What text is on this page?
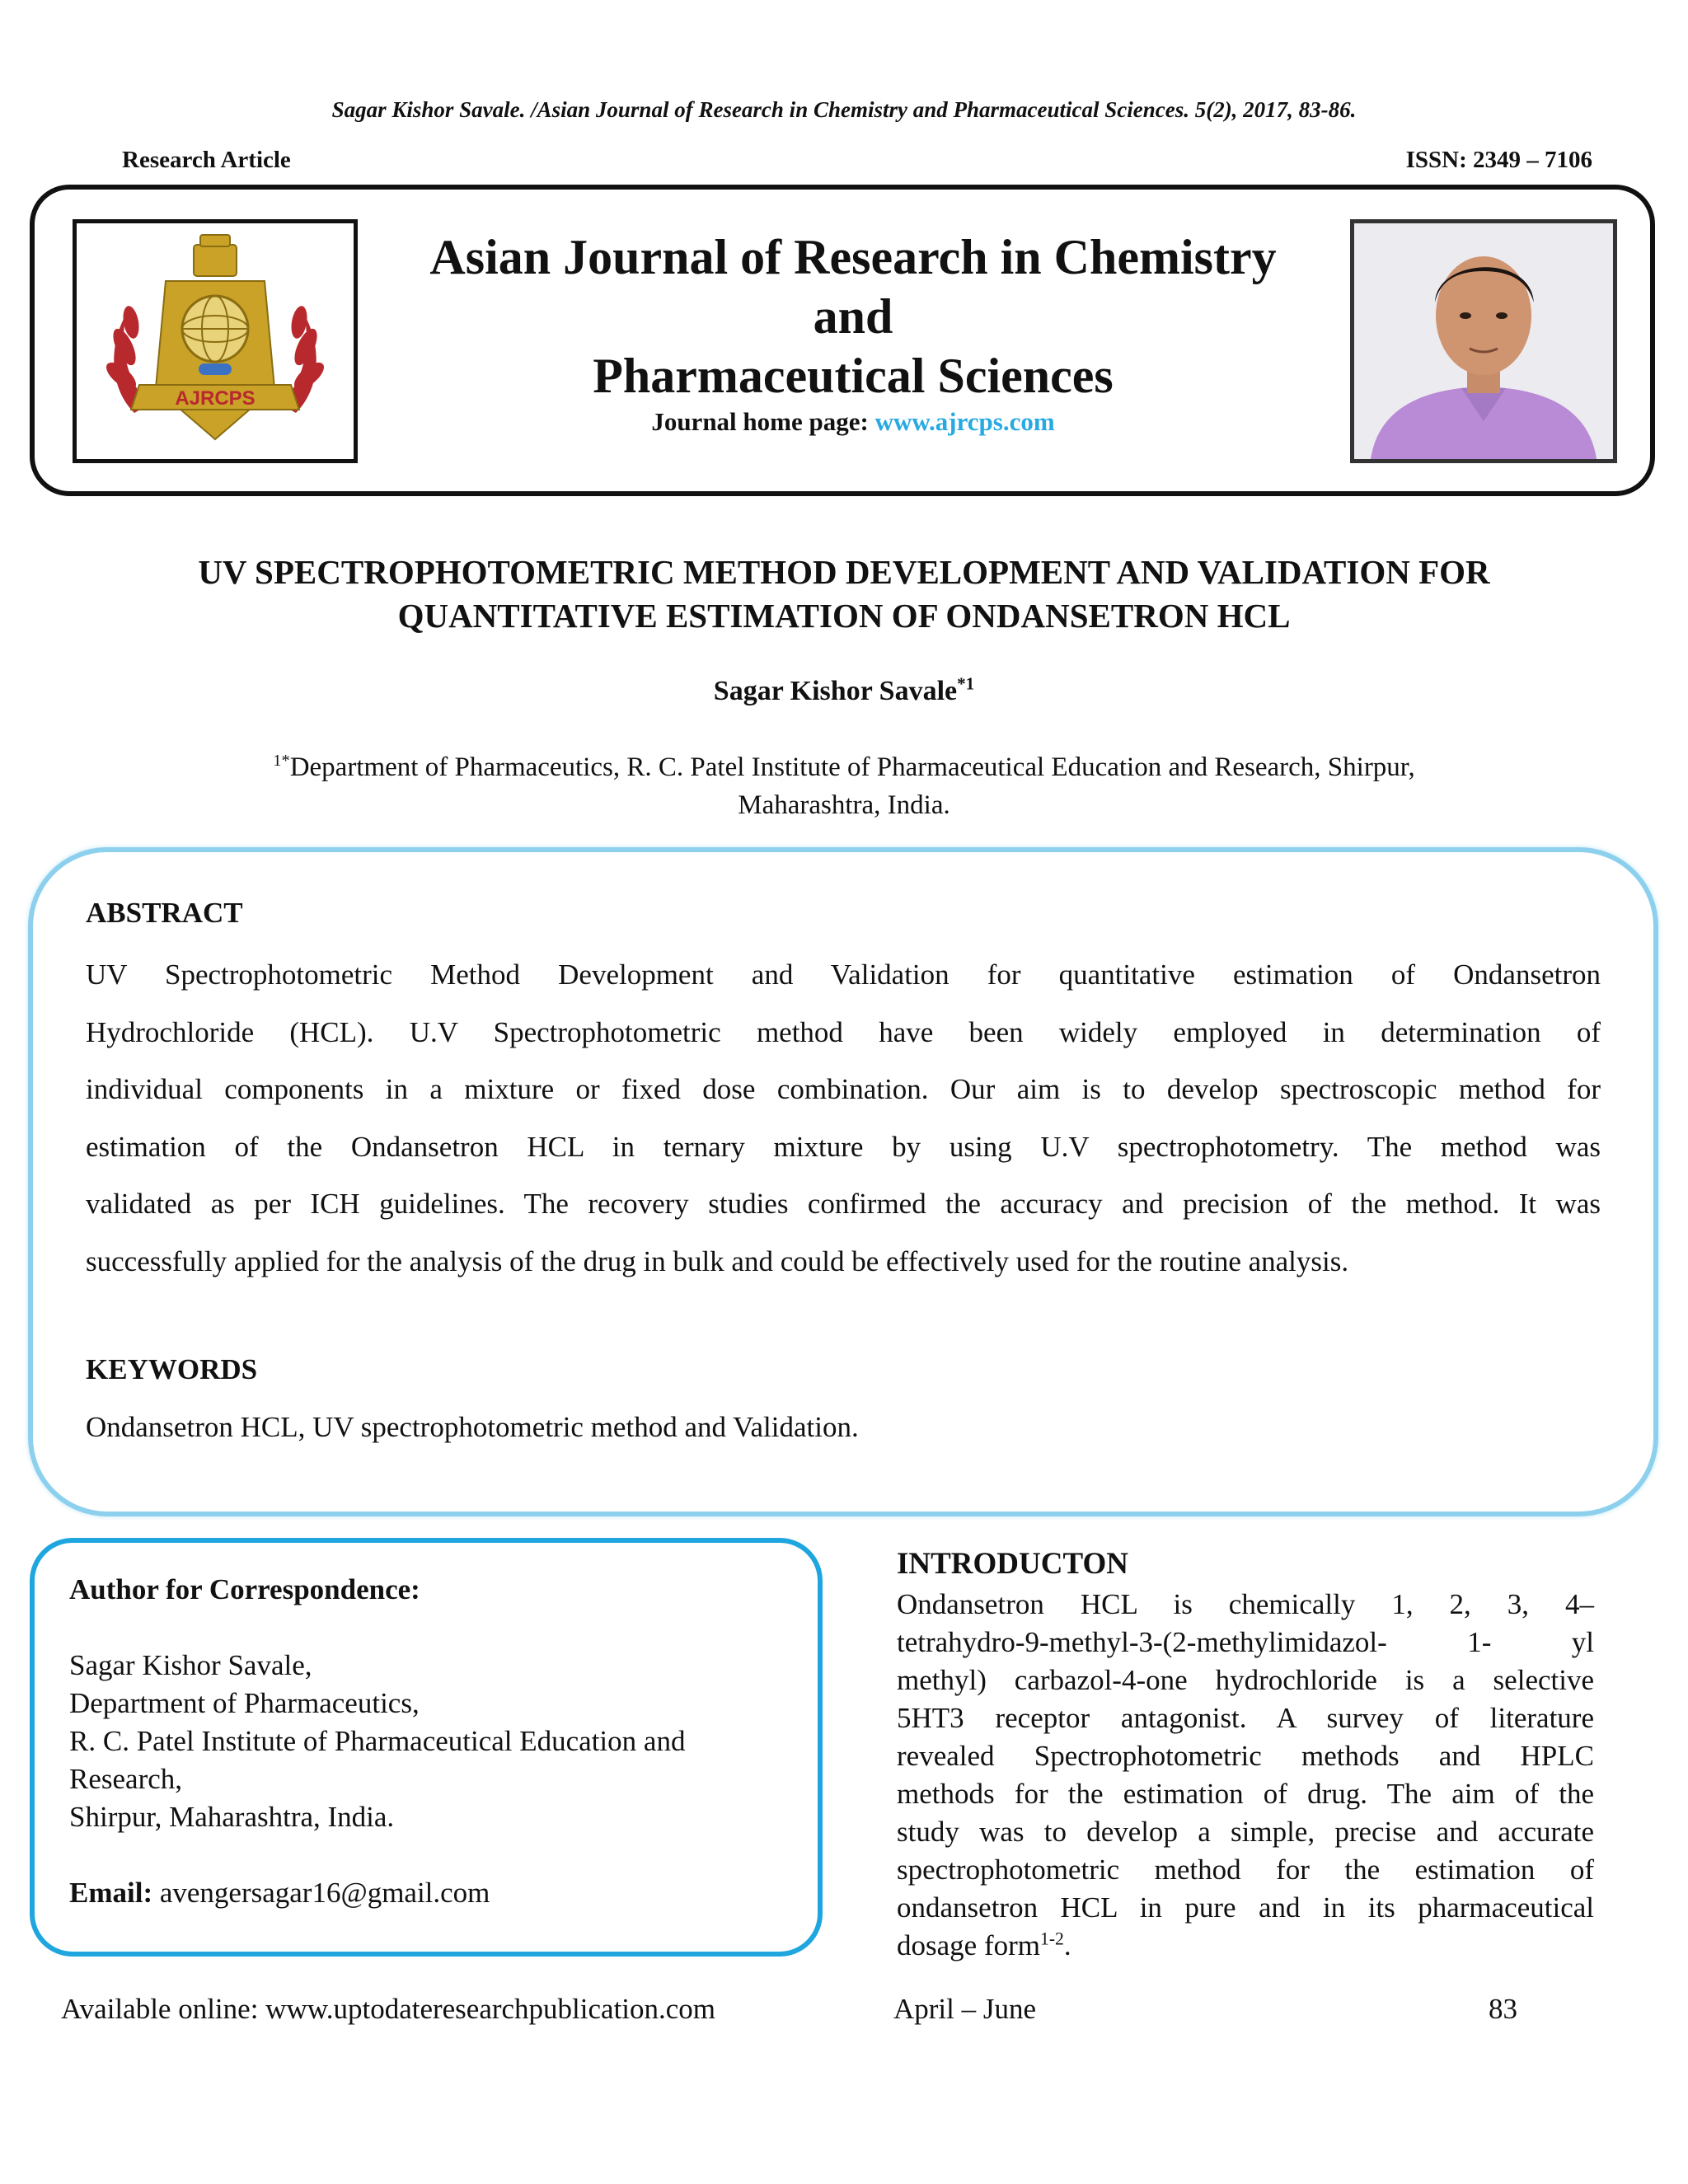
Sagar Kishor Savale. /Asian Journal of Research in Chemistry and Pharmaceutical Sciences. 5(2), 2017, 83-86.
Research Article	ISSN: 2349 – 7106
AJRCPS
Asian Journal of Research in Chemistry
and
Pharmaceutical Sciences
Journal home page: www.ajrcps.com
UV SPECTROPHOTOMETRIC METHOD DEVELOPMENT AND VALIDATION FOR
QUANTITATIVE ESTIMATION OF ONDANSETRON HCL
Sagar Kishor Savale$^{*1}$
$^{1*}$Department of Pharmaceutics, R. C. Patel Institute of Pharmaceutical Education and Research, Shirpur,
Maharashtra, India.
ABSTRACT
UV Spectrophotometric Method Development and Validation for quantitative estimation of Ondansetron
Hydrochloride (HCL). U.V Spectrophotometric method have been widely employed in determination of
individual components in a mixture or fixed dose combination. Our aim is to develop spectroscopic method for
estimation of the Ondansetron HCL in ternary mixture by using U.V spectrophotometry. The method was
validated as per ICH guidelines. The recovery studies confirmed the accuracy and precision of the method. It was
successfully applied for the analysis of the drug in bulk and could be effectively used for the routine analysis.
KEYWORDS
Ondansetron HCL, UV spectrophotometric method and Validation.
Author for Correspondence:
Sagar Kishor Savale,
Department of Pharmaceutics,
R. C. Patel Institute of Pharmaceutical Education and
Research,
Shirpur, Maharashtra, India.
Email: avengersagar16@gmail.com
INTRODUCTON
Ondansetron HCL is chemically 1, 2, 3, 4–
tetrahydro-9-methyl-3-(2-methylimidazol- 1- yl
methyl) carbazol-4-one hydrochloride is a selective
5HT3 receptor antagonist. A survey of literature
revealed Spectrophotometric methods and HPLC
methods for the estimation of drug. The aim of the
study was to develop a simple, precise and accurate
spectrophotometric method for the estimation of
ondansetron HCL in pure and in its pharmaceutical
dosage form$^{1-2}$.
Available online: www.uptodateresearchpublication.com	April – June	83
